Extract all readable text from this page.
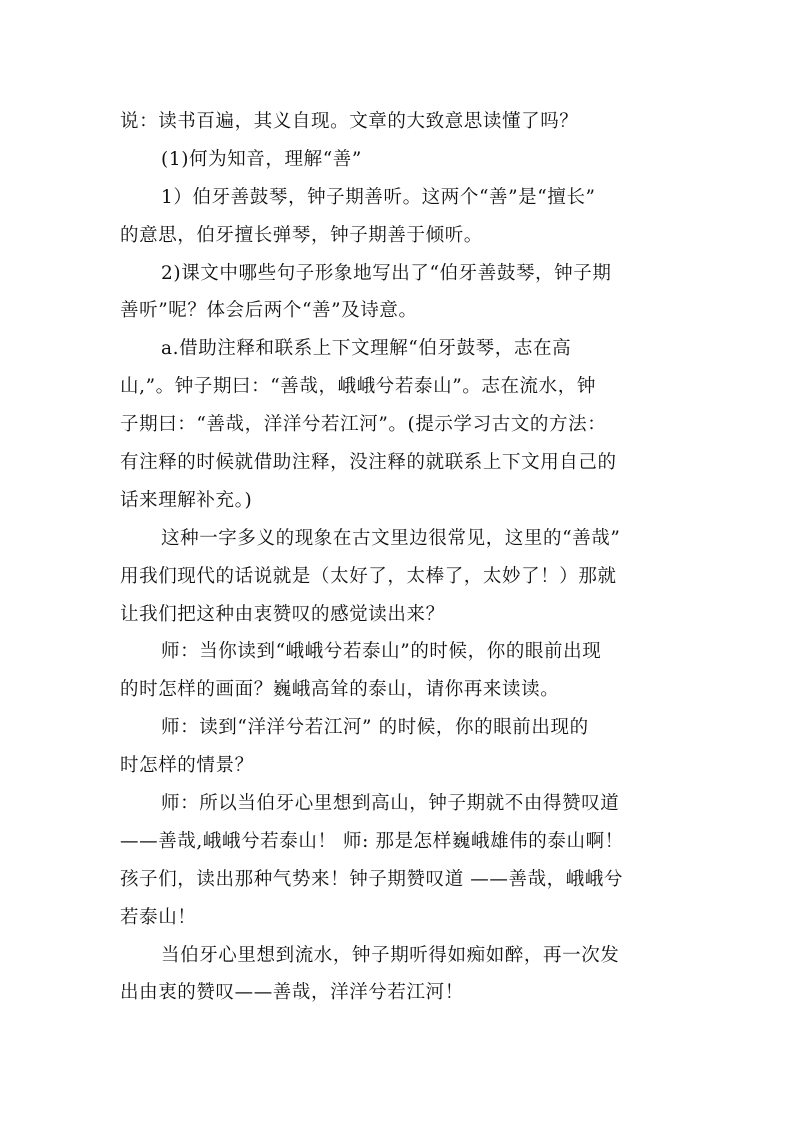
说：读书百遍，其义自现。文章的大致意思读懂了吗？
(1)何为知音，理解“善”
1）伯牙善鼓琴，钟子期善听。这两个“善”是“擅长”
的意思，伯牙擅长弹琴，钟子期善于倾听。
2)课文中哪些句子形象地写出了“伯牙善鼓琴，钟子期
善听”呢？体会后两个“善”及诗意。
a.借助注释和联系上下文理解“伯牙鼓琴，志在高
山,”。钟子期曰：“善哉，峨峨兮若泰山”。志在流水，钟
子期曰：“善哉，洋洋兮若江河”。(提示学习古文的方法：
有注释的时候就借助注释，没注释的就联系上下文用自己的
话来理解补充。)
这种一字多义的现象在古文里边很常见，这里的“善哉”
用我们现代的话说就是（太好了，太棒了，太妙了！）那就
让我们把这种由衷赞叹的感觉读出来？
师：当你读到“峨峨兮若泰山”的时候，你的眼前出现
的时怎样的画面？巍峨高耸的泰山，请你再来读读。
师：读到“洋洋兮若江河” 的时候，你的眼前出现的
时怎样的情景？
师：所以当伯牙心里想到高山，钟子期就不由得赞叹道
——善哉,峨峨兮若泰山！ 师: 那是怎样巍峨雄伟的泰山啊！
孩子们，读出那种气势来！钟子期赞叹道 ——善哉，峨峨兮
若泰山！
当伯牙心里想到流水，钟子期听得如痴如醉，再一次发
出由衷的赞叹——善哉，洋洋兮若江河！
